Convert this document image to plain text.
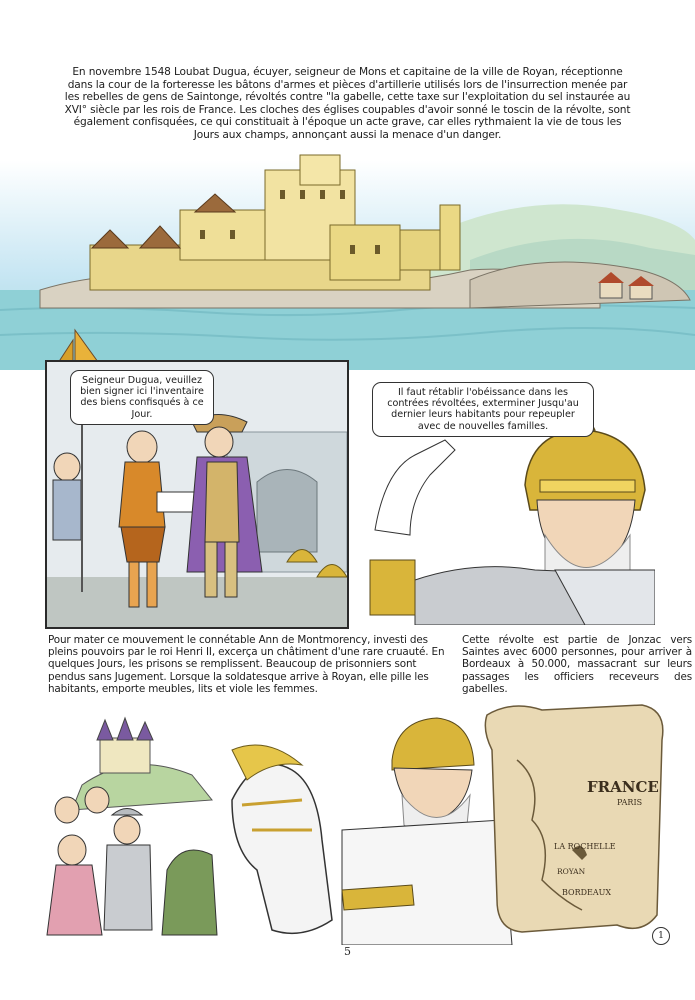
En novembre 1548 Loubat Dugua, écuyer, seigneur de Mons et capitaine de la ville de Royan, réceptionne dans la cour de la forteresse les bâtons d'armes et pièces d'artillerie utilisés lors de l'insurrection menée par les rebelles de gens de Saintonge, révoltés contre "la gabelle, cette taxe sur l'exploitation du sel instaurée au XVI° siècle par les rois de France. Les cloches des églises coupables d'avoir sonné le toscin de la révolte, sont également confisquées, ce qui constituait à l'époque un acte grave, car elles rythmaient la vie de tous les Jours aux champs, annonçant aussi la menace d'un danger.
Seigneur Dugua, veuillez bien signer ici l'inventaire des biens confisqués à ce Jour.
Il faut rétablir l'obéissance dans les contrées révoltées, exterminer Jusqu'au dernier leurs habitants pour repeupler avec de nouvelles familles.
Pour mater ce mouvement le connétable Ann de Montmorency, investi des pleins pouvoirs par le roi Henri II, excerça un châtiment d'une rare cruauté. En quelques Jours, les prisons se remplissent. Beaucoup de prisonniers sont pendus sans Jugement. Lorsque la soldatesque arrive à Royan, elle pille les habitants, emporte meubles, lits et viole les femmes.
Cette révolte est partie de Jonzac vers Saintes avec 6000 personnes, pour arriver à Bordeaux à 50.000, massacrant sur leurs passages les officiers receveurs des gabelles.
FRANCE
PARIS
LA ROCHELLE
ROYAN
BORDEAUX
1
5
